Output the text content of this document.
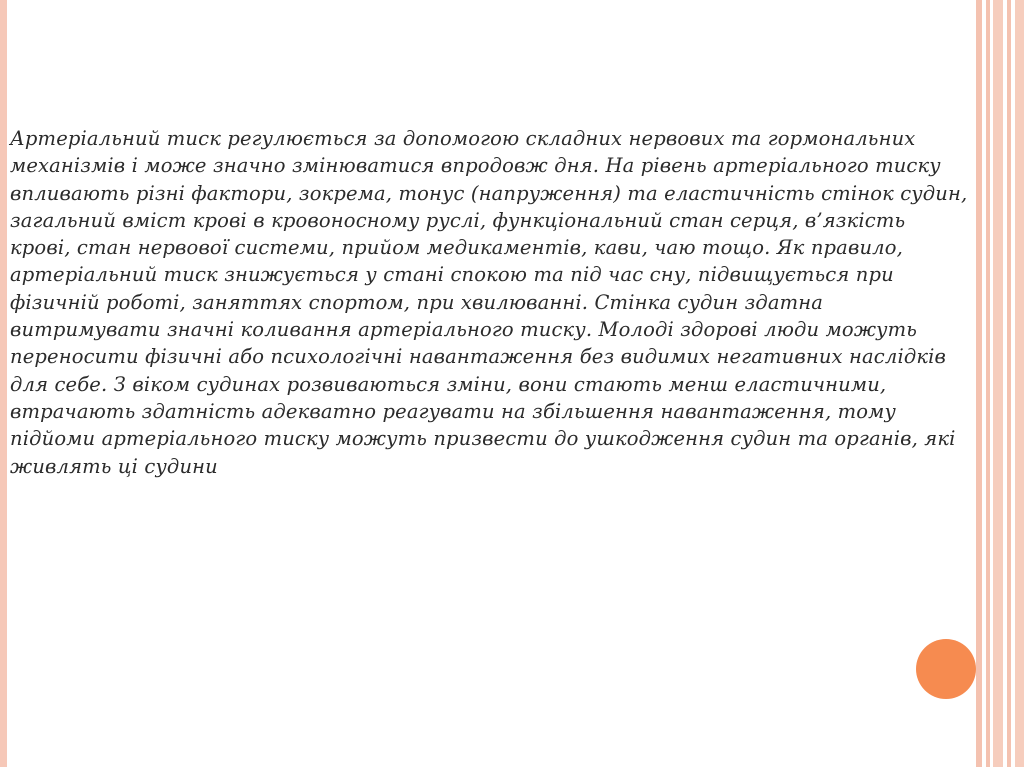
Артеріальний тиск регулюється за допомогою складних нервових та гормональних механізмів і може значно змінюватися впродовж дня. На рівень артеріального тиску впливають різні фактори, зокрема, тонус (напруження) та еластичність стінок судин, загальний вміст крові в кровоносному руслі, функціональний стан серця, в’язкість крові, стан нервової системи, прийом медикаментів, кави, чаю тощо. Як правило, артеріальний тиск знижується у стані спокою та під час сну, підвищується при фізичній роботі, заняттях спортом, при хвилюванні. Стінка судин здатна витримувати значні коливання артеріального тиску. Молоді здорові люди можуть переносити фізичні або психологічні навантаження без видимих негативних наслідків для себе. З віком судинах розвиваються зміни, вони стають менш еластичними, втрачають здатність адекватно реагувати на збільшення навантаження, тому підйоми артеріального тиску можуть призвести до ушкодження судин та органів, які живлять ці судини
